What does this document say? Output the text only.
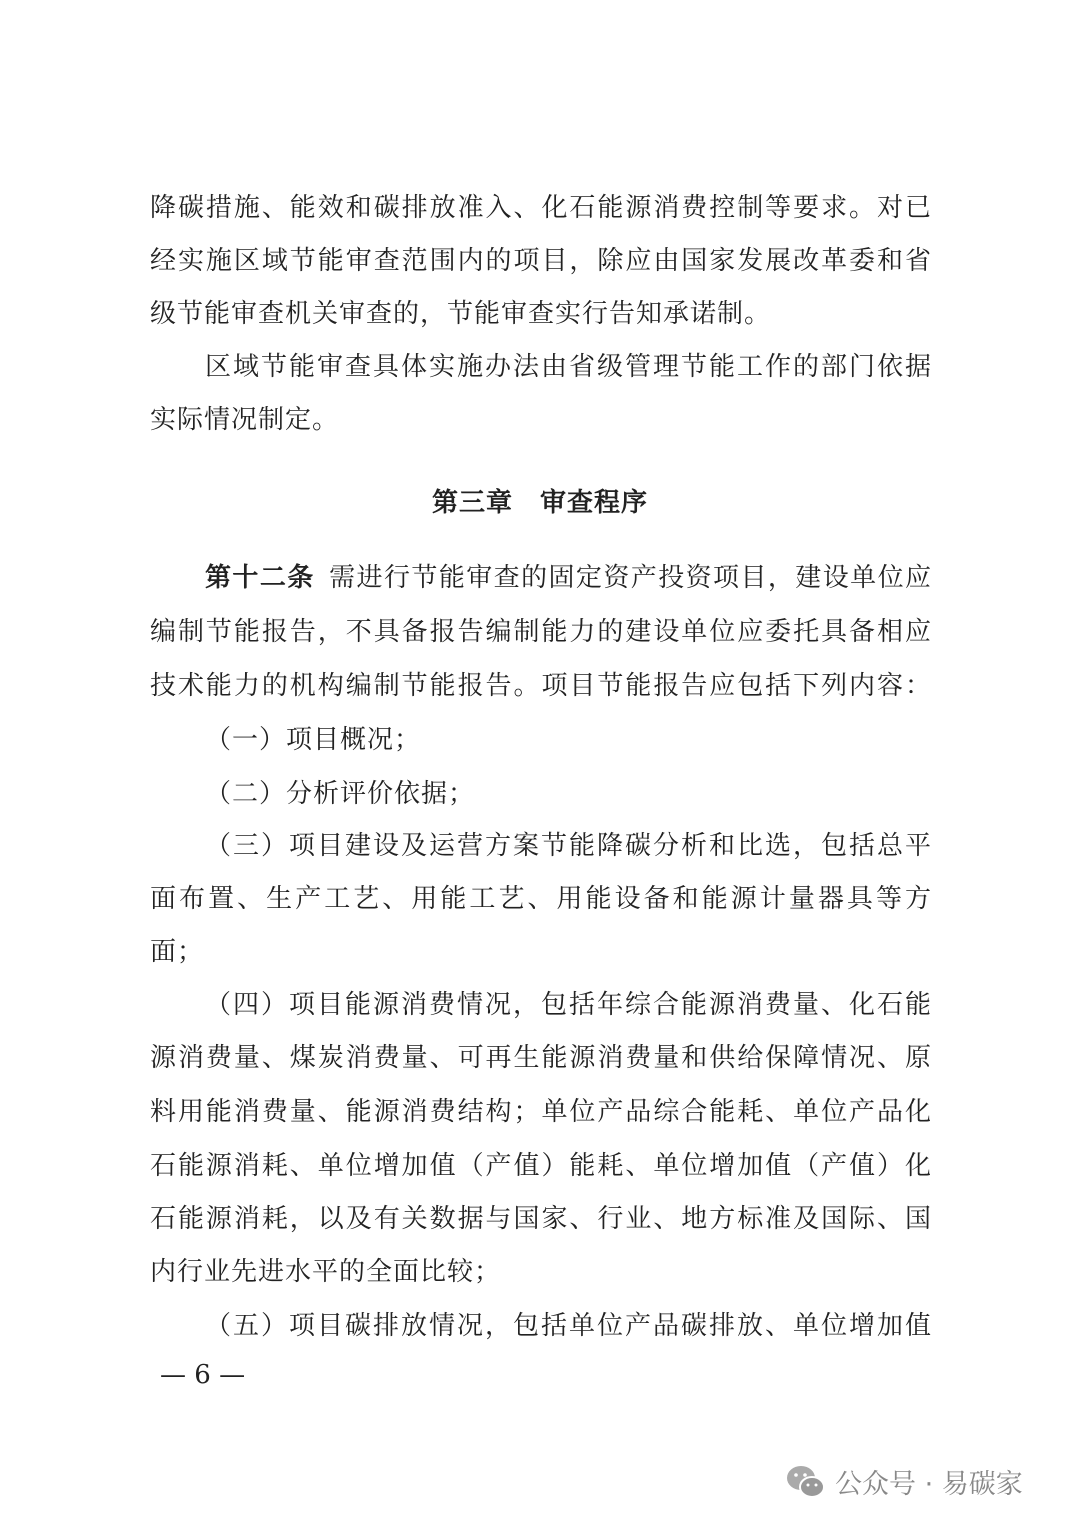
降碳措施、能效和碳排放准入、化石能源消费控制等要求。对已
经实施区域节能审查范围内的项目，除应由国家发展改革委和省
级节能审查机关审查的，节能审查实行告知承诺制。
区域节能审查具体实施办法由省级管理节能工作的部门依据
实际情况制定。
第三章　审查程序
第十二条  需进行节能审查的固定资产投资项目，建设单位应
编制节能报告，不具备报告编制能力的建设单位应委托具备相应
技术能力的机构编制节能报告。项目节能报告应包括下列内容：
（一）项目概况；
（二）分析评价依据；
（三）项目建设及运营方案节能降碳分析和比选，包括总平
面布置、生产工艺、用能工艺、用能设备和能源计量器具等方
面；
（四）项目能源消费情况，包括年综合能源消费量、化石能
源消费量、煤炭消费量、可再生能源消费量和供给保障情况、原
料用能消费量、能源消费结构；单位产品综合能耗、单位产品化
石能源消耗、单位增加值（产值）能耗、单位增加值（产值）化
石能源消耗，以及有关数据与国家、行业、地方标准及国际、国
内行业先进水平的全面比较；
（五）项目碳排放情况，包括单位产品碳排放、单位增加值
— 6 —
公众号 · 易碳家
